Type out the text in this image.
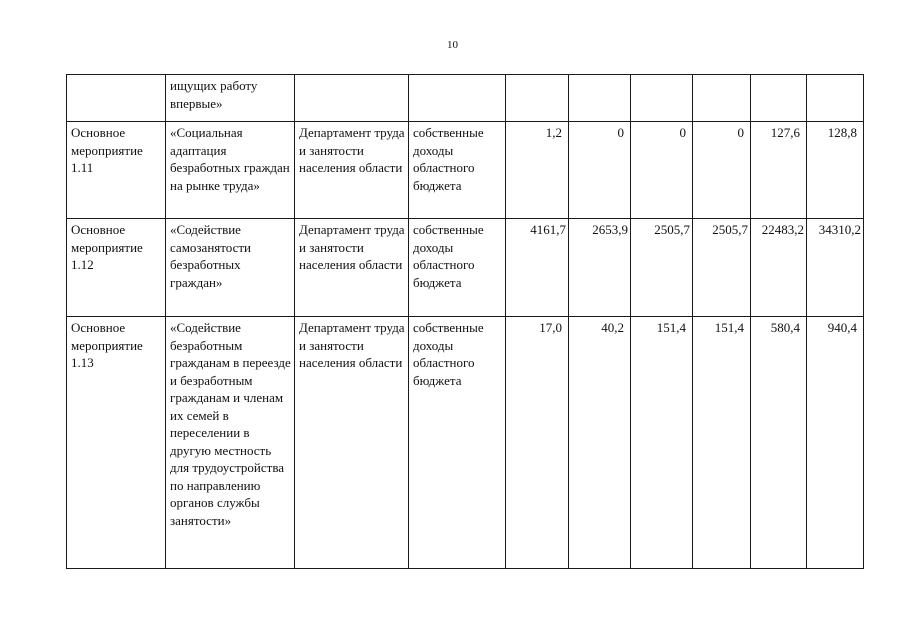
10
	ищущих работу впервые»								
Основное мероприятие 1.11	«Социальная адаптация безработных граждан на рынке труда»	Департамент труда и занятости населения области	собственные доходы областного бюджета	1,2	0	0	0	127,6	128,8
Основное мероприятие 1.12	«Содействие самозанятости безработных граждан»	Департамент труда и занятости населения области	собственные доходы областного бюджета	4161,7	2653,9	2505,7	2505,7	22483,2	34310,2
Основное мероприятие 1.13	«Содействие безработным гражданам в переезде и безработным гражданам и членам их семей в переселении в другую местность для трудоустройства по направлению органов службы занятости»	Департамент труда и занятости населения области	собственные доходы областного бюджета	17,0	40,2	151,4	151,4	580,4	940,4
